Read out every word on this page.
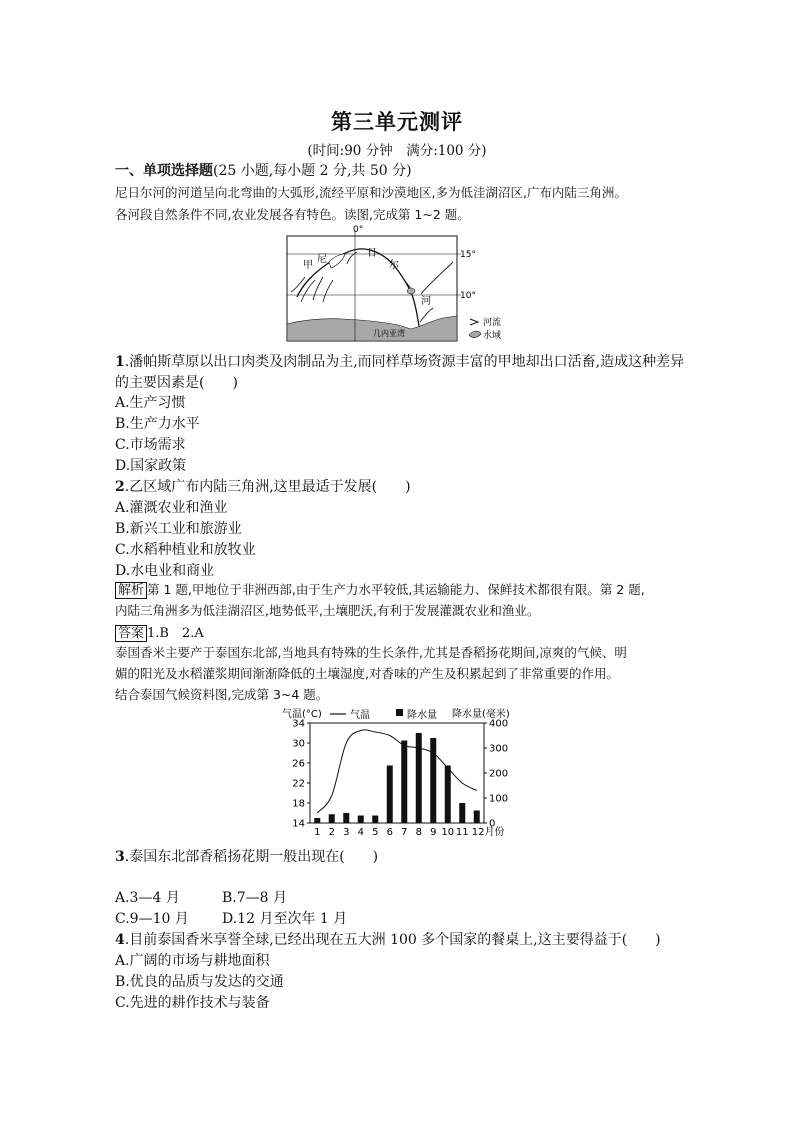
第三单元测评
(时间:90 分钟　满分:100 分)
一、单项选择题(25 小题,每小题 2 分,共 50 分)
尼日尔河的河道呈向北弯曲的大弧形,流经平原和沙漠地区,多为低洼湖沼区,广布内陆三角洲。
各河段自然条件不同,农业发展各有特色。读图,完成第 1~2 题。
0°
15°
10°
甲
尼
日
尔
河
几内亚湾
河流
水域
1.潘帕斯草原以出口肉类及肉制品为主,而同样草场资源丰富的甲地却出口活畜,造成这种差异
的主要因素是(　　)
A.生产习惯
B.生产力水平
C.市场需求
D.国家政策
2.乙区域广布内陆三角洲,这里最适于发展(　　)
A.灌溉农业和渔业
B.新兴工业和旅游业
C.水稻种植业和放牧业
D.水电业和商业
解析 第 1 题,甲地位于非洲西部,由于生产力水平较低,其运输能力、保鲜技术都很有限。第 2 题,
内陆三角洲多为低洼湖沼区,地势低平,土壤肥沃,有利于发展灌溉农业和渔业。
答案 1.B　2.A
泰国香米主要产于泰国东北部,当地具有特殊的生长条件,尤其是香稻扬花期间,凉爽的气候、明
媚的阳光及水稻灌浆期间渐渐降低的土壤湿度,对香味的产生及积累起到了非常重要的作用。
结合泰国气候资料图,完成第 3~4 题。
气温(°C)	降水量(毫米)
气温	降水量
14
18
22
26
30
34
0
100
200
300
400
1 2 3 4 5 6 7 8 9 10 11 12月份
3.泰国东北部香稻扬花期一般出现在(　　)
A.3—4 月	B.7—8 月
C.9—10 月 D.12 月至次年 1 月
4.目前泰国香米享誉全球,已经出现在五大洲 100 多个国家的餐桌上,这主要得益于(　　)
A.广阔的市场与耕地面积
B.优良的品质与发达的交通
C.先进的耕作技术与装备
